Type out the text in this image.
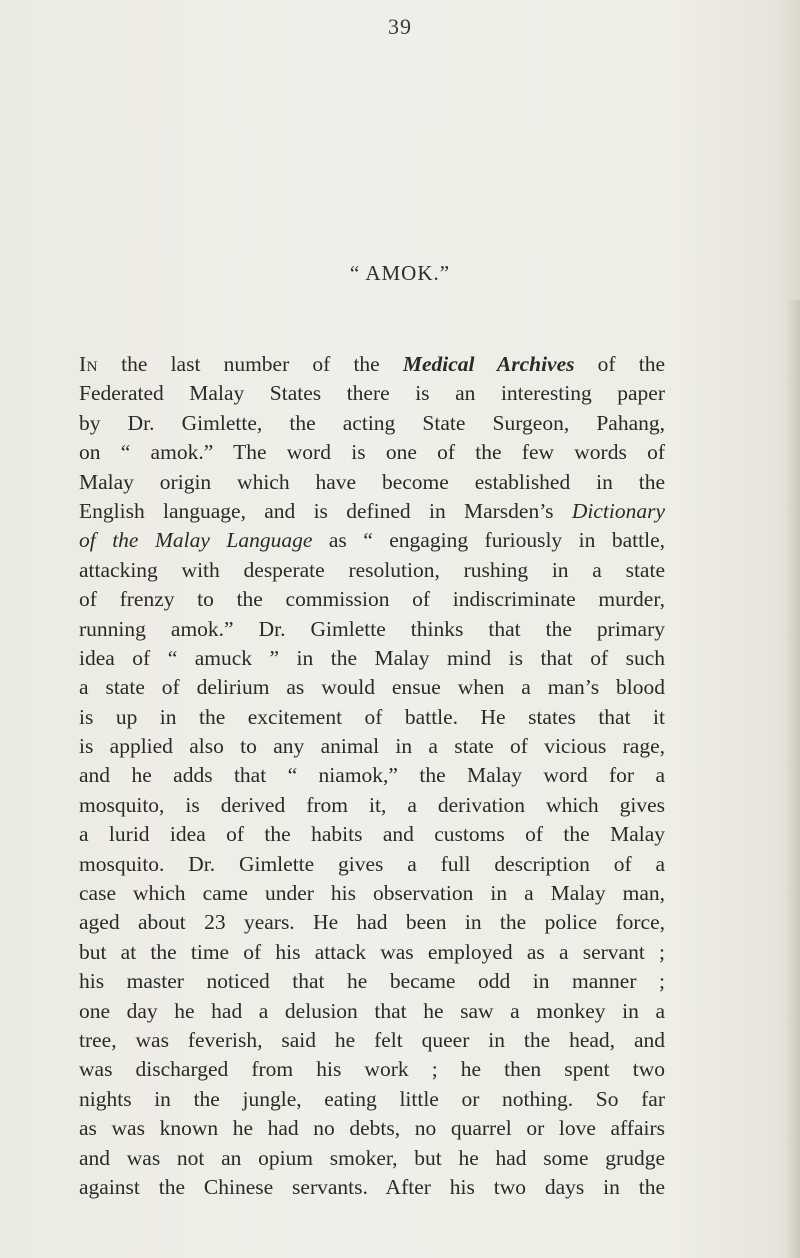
39
“ AMOK.”
In the last number of the Medical Archives of the
Federated Malay States there is an interesting paper
by Dr. Gimlette, the acting State Surgeon, Pahang,
on “ amok.” The word is one of the few words of
Malay origin which have become established in the
English language, and is defined in Marsden’s Dictionary
of the Malay Language as “ engaging furiously in battle,
attacking with desperate resolution, rushing in a state
of frenzy to the commission of indiscriminate murder,
running amok.” Dr. Gimlette thinks that the primary
idea of “ amuck ” in the Malay mind is that of such
a state of delirium as would ensue when a man’s blood
is up in the excitement of battle. He states that it
is applied also to any animal in a state of vicious rage,
and he adds that “ niamok,” the Malay word for a
mosquito, is derived from it, a derivation which gives
a lurid idea of the habits and customs of the Malay
mosquito. Dr. Gimlette gives a full description of a
case which came under his observation in a Malay man,
aged about 23 years. He had been in the police force,
but at the time of his attack was employed as a servant ;
his master noticed that he became odd in manner ;
one day he had a delusion that he saw a monkey in a
tree, was feverish, said he felt queer in the head, and
was discharged from his work ; he then spent two
nights in the jungle, eating little or nothing. So far
as was known he had no debts, no quarrel or love affairs
and was not an opium smoker, but he had some grudge
against the Chinese servants. After his two days in the
